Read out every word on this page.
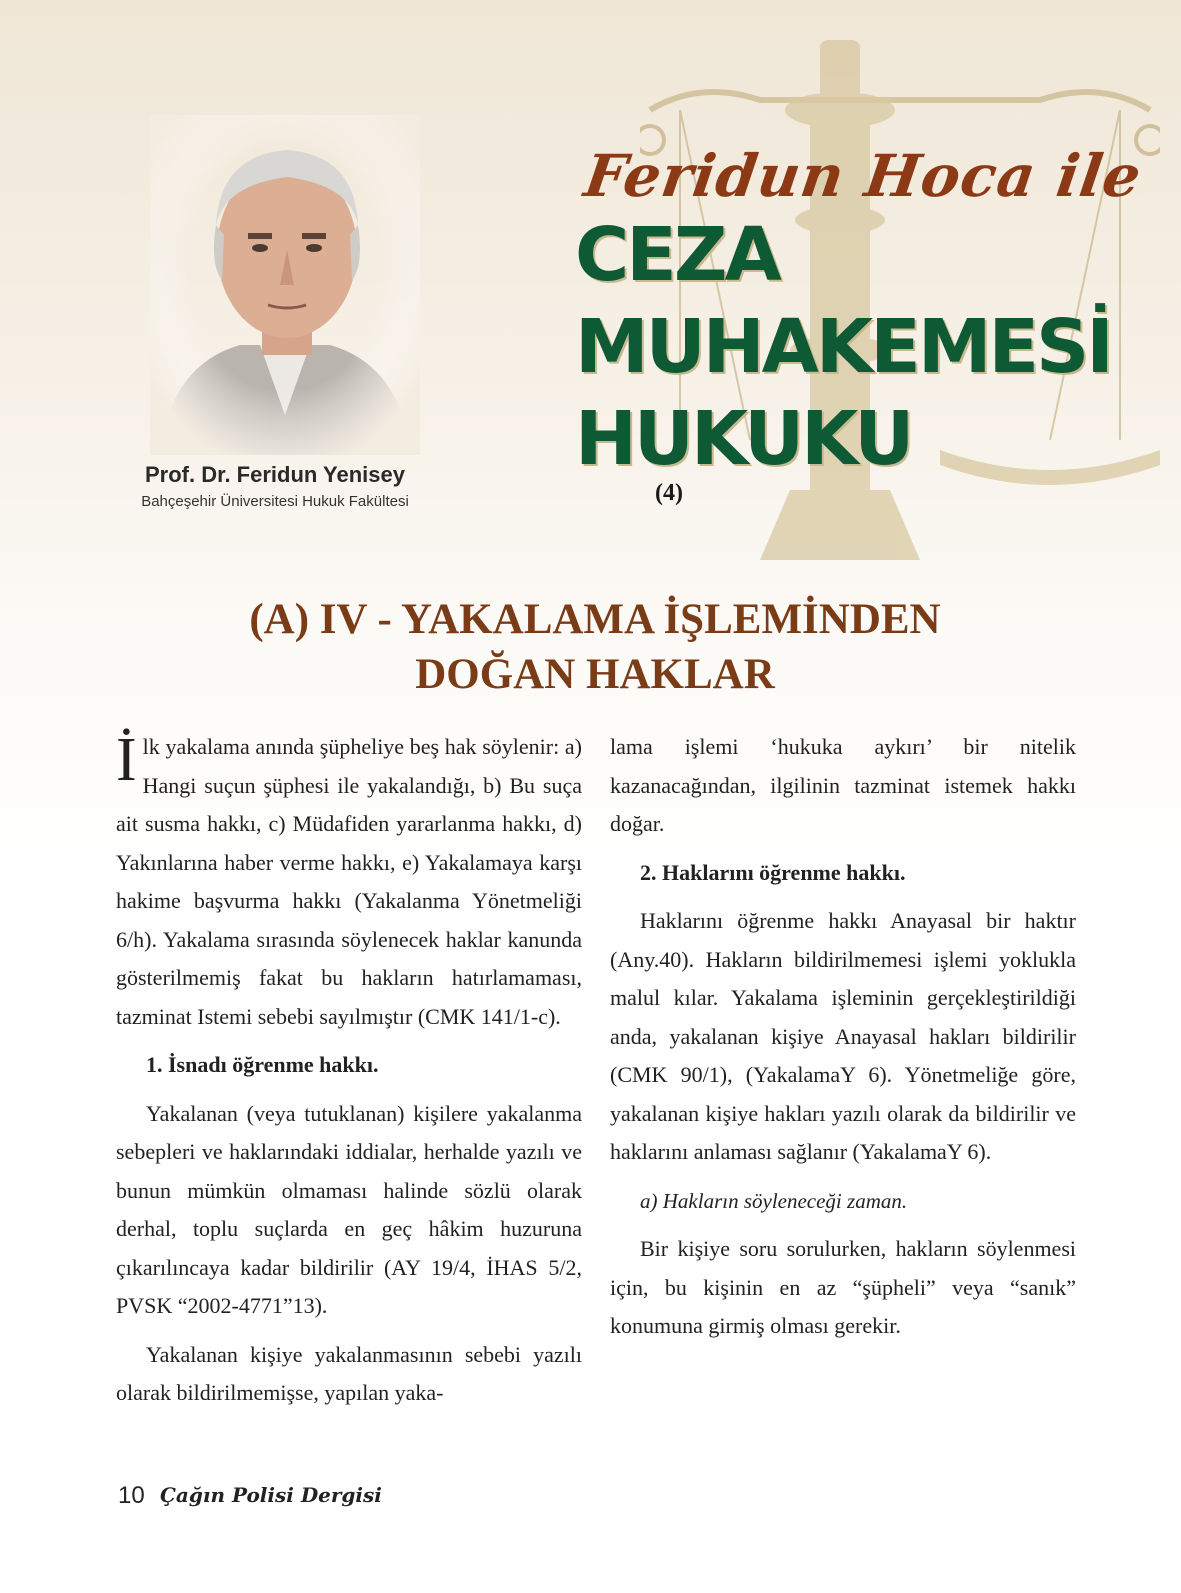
Prof. Dr. Feridun Yenisey
Bahçeşehir Üniversitesi Hukuk Fakültesi
Feridun Hoca ile
CEZA
MUHAKEMESİ
HUKUKU
(4)
(A) IV - YAKALAMA İŞLEMİNDEN
DOĞAN HAKLAR

İlk yakalama anında şüpheliye beş hak söylenir: a) Hangi suçun şüphesi ile yakalandığı, b) Bu suça ait susma hakkı, c) Müdafiden yararlanma hakkı, d) Yakınlarına haber verme hakkı, e) Yakalamaya karşı hakime başvurma hakkı (Yakalanma Yönetmeliği 6/h). Yakalama sırasında söylenecek haklar kanunda gösterilmemiş fakat bu hakların hatırlamaması, tazminat Istemi sebebi sayılmıştır (CMK 141/1-c).

1. İsnadı öğrenme hakkı.

Yakalanan (veya tutuklanan) kişilere yakalanma sebepleri ve haklarındaki iddialar, herhalde yazılı ve bunun mümkün olmaması halinde sözlü olarak derhal, toplu suçlarda en geç hâkim huzuruna çıkarılıncaya kadar bildirilir (AY 19/4, İHAS 5/2, PVSK “2002-4771”13).

Yakalanan kişiye yakalanmasının sebebi yazılı olarak bildirilmemişse, yapılan yaka-

lama işlemi ‘hukuka aykırı’ bir nitelik kazanacağından, ilgilinin tazminat istemek hakkı doğar.

2. Haklarını öğrenme hakkı.

Haklarını öğrenme hakkı Anayasal bir haktır (Any.40). Hakların bildirilmemesi işlemi yoklukla malul kılar. Yakalama işleminin gerçekleştirildiği anda, yakalanan kişiye Anayasal hakları bildirilir (CMK 90/1), (YakalamaY 6). Yönetmeliğe göre, yakalanan kişiye hakları yazılı olarak da bildirilir ve haklarını anlaması sağlanır (YakalamaY 6).

a) Hakların söyleneceği zaman.

Bir kişiye soru sorulurken, hakların söylenmesi için, bu kişinin en az “şüpheli” veya “sanık” konumuna girmiş olması gerekir.

10 Çağın Polisi Dergisi
